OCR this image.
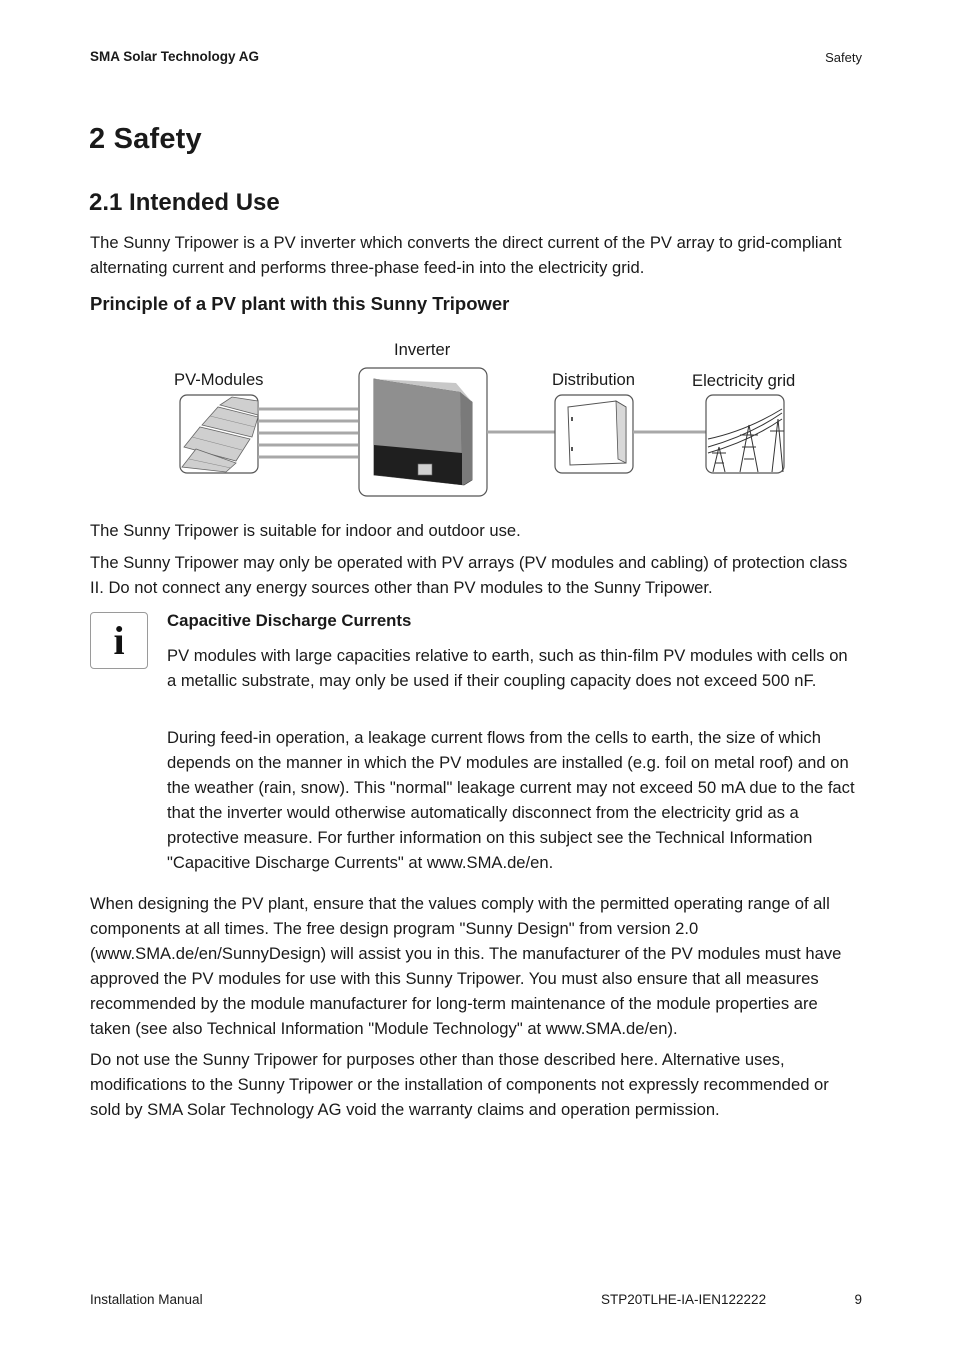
SMA Solar Technology AG	Safety
2 Safety
2.1 Intended Use

The Sunny Tripower is a PV inverter which converts the direct current of the PV array to grid-compliant alternating current and performs three-phase feed-in into the electricity grid.

Principle of a PV plant with this Sunny Tripower
PV-Modules
Inverter
Distribution	Electricity grid

The Sunny Tripower is suitable for indoor and outdoor use.

The Sunny Tripower may only be operated with PV arrays (PV modules and cabling) of protection class II. Do not connect any energy sources other than PV modules to the Sunny Tripower.

i	Capacitive Discharge Currents

PV modules with large capacities relative to earth, such as thin-film PV modules with cells on a metallic substrate, may only be used if their coupling capacity does not exceed 500 nF.

During feed-in operation, a leakage current flows from the cells to earth, the size of which depends on the manner in which the PV modules are installed (e.g. foil on metal roof) and on the weather (rain, snow). This "normal" leakage current may not exceed 50 mA due to the fact that the inverter would otherwise automatically disconnect from the electricity grid as a protective measure. For further information on this subject see the Technical Information "Capacitive Discharge Currents" at www.SMA.de/en.

When designing the PV plant, ensure that the values comply with the permitted operating range of all components at all times. The free design program "Sunny Design" from version 2.0 (www.SMA.de/en/SunnyDesign) will assist you in this. The manufacturer of the PV modules must have approved the PV modules for use with this Sunny Tripower. You must also ensure that all measures recommended by the module manufacturer for long-term maintenance of the module properties are taken (see also Technical Information "Module Technology" at www.SMA.de/en).

Do not use the Sunny Tripower for purposes other than those described here. Alternative uses, modifications to the Sunny Tripower or the installation of components not expressly recommended or sold by SMA Solar Technology AG void the warranty claims and operation permission.

Installation Manual	STP20TLHE-IA-IEN122222	9
